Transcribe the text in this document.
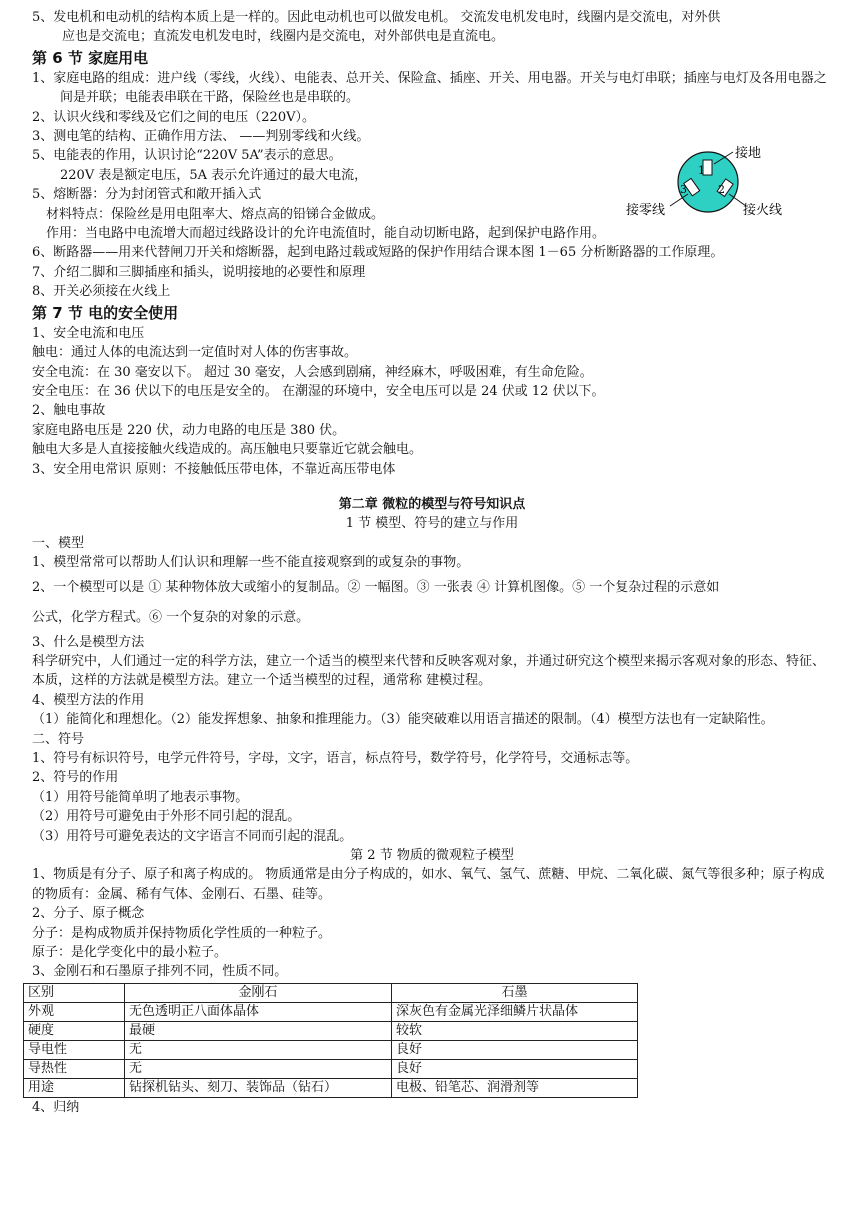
5、发电机和电动机的结构本质上是一样的。因此电动机也可以做发电机。 交流发电机发电时，线圈内是交流电，对外供
应也是交流电；直流发电机发电时，线圈内是交流电，对外部供电是直流电。
第 6 节 家庭用电
1、家庭电路的组成：进户线（零线，火线）、电能表、总开关、保险盒、插座、开关、用电器。开关与电灯串联；插座与电灯及各用电器之间是并联；电能表串联在干路，保险丝也是串联的。
2、认识火线和零线及它们之间的电压（220V）。
3、测电笔的结构、正确作用方法、 ——判别零线和火线。
5、电能表的作用，认识讨论“220V 5A”表示的意思。
220V 表是额定电压，5A 表示允许通过的最大电流，
5、熔断器：分为封闭管式和敞开插入式
材料特点：保险丝是用电阻率大、熔点高的铅锑合金做成。
作用：当电路中电流增大而超过线路设计的允许电流值时，能自动切断电路，起到保护电路作用。
6、断路器——用来代替闸刀开关和熔断器，起到电路过载或短路的保护作用结合课本图 1－65 分析断路器的工作原理。
7、介绍二脚和三脚插座和插头，说明接地的必要性和原理
8、开关必须接在火线上
第 7 节 电的安全使用
1、安全电流和电压
触电：通过人体的电流达到一定值时对人体的伤害事故。
安全电流：在 30 毫安以下。 超过 30 毫安，人会感到剧痛，神经麻木，呼吸困难，有生命危险。
安全电压：在 36 伏以下的电压是安全的。 在潮湿的环境中，安全电压可以是 24 伏或 12 伏以下。
2、触电事故
家庭电路电压是 220 伏，动力电路的电压是 380 伏。
触电大多是人直接接触火线造成的。高压触电只要靠近它就会触电。
3、安全用电常识 原则：不接触低压带电体，不靠近高压带电体
第二章 微粒的模型与符号知识点
1 节 模型、符号的建立与作用
一、模型
1、模型常常可以帮助人们认识和理解一些不能直接观察到的或复杂的事物。
2、一个模型可以是 ① 某种物体放大或缩小的复制品。② 一幅图。③ 一张表 ④ 计算机图像。⑤ 一个复杂过程的示意如
公式，化学方程式。⑥ 一个复杂的对象的示意。
3、什么是模型方法
科学研究中，人们通过一定的科学方法，建立一个适当的模型来代替和反映客观对象，并通过研究这个模型来揭示客观对象的形态、特征、本质，这样的方法就是模型方法。建立一个适当模型的过程，通常称 建模过程。
4、模型方法的作用
（1）能简化和理想化。（2）能发挥想象、抽象和推理能力。（3）能突破难以用语言描述的限制。（4）模型方法也有一定缺陷性。
二、符号
1、符号有标识符号，电学元件符号，字母，文字，语言，标点符号，数学符号，化学符号，交通标志等。
2、符号的作用
（1）用符号能简单明了地表示事物。
（2）用符号可避免由于外形不同引起的混乱。
（3）用符号可避免表达的文字语言不同而引起的混乱。
第 2 节 物质的微观粒子模型
1、物质是有分子、原子和离子构成的。 物质通常是由分子构成的，如水、氧气、氢气、蔗糖、甲烷、二氧化碳、氮气等很多种；原子构成的物质有：金属、稀有气体、金刚石、石墨、硅等。
2、分子、原子概念
分子：是构成物质并保持物质化学性质的一种粒子。
原子：是化学变化中的最小粒子。
3、金刚石和石墨原子排列不同，性质不同。
区别	金刚石	石墨
外观	无色透明正八面体晶体	深灰色有金属光泽细鳞片状晶体
硬度	最硬	较软
导电性	无	良好
导热性	无	良好
用途	钻探机钻头、刻刀、装饰品（钻石）	电极、铅笔芯、润滑剂等
4、归纳
1
2
3
接地
接零线	接火线
